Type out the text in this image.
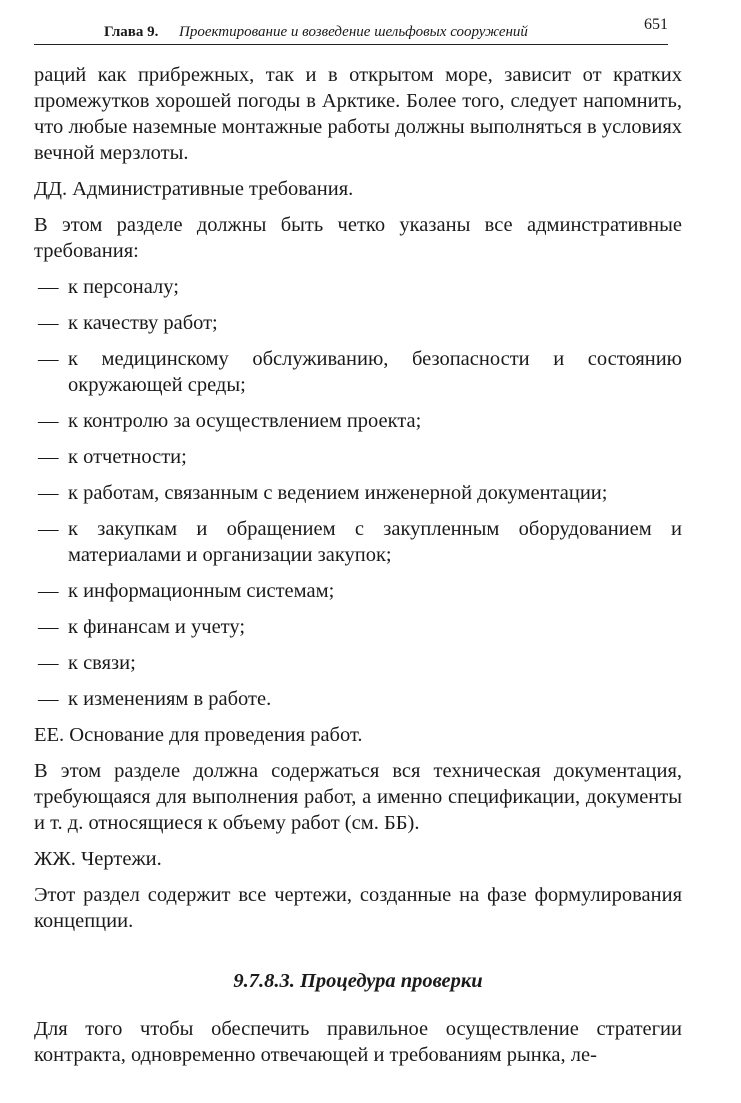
Глава 9. Проектирование и возведение шельфовых сооружений	651

раций как прибрежных, так и в открытом море, зависит от кратких промежутков хорошей погоды в Арктике. Более того, следует напомнить, что любые наземные монтажные работы должны выполняться в условиях вечной мерзлоты.

ДД. Административные требования.

В этом разделе должны быть четко указаны все админстративные требования:

— к персоналу;
— к качеству работ;
— к медицинскому обслуживанию, безопасности и состоянию окружающей среды;
— к контролю за осуществлением проекта;
— к отчетности;
— к работам, связанным с ведением инженерной документации;
— к закупкам и обращением с закупленным оборудованием и материалами и организации закупок;
— к информационным системам;
— к финансам и учету;
— к связи;
— к изменениям в работе.

ЕЕ. Основание для проведения работ.

В этом разделе должна содержаться вся техническая документация, требующаяся для выполнения работ, а именно спецификации, документы и т. д. относящиеся к объему работ (см. ББ).

ЖЖ. Чертежи.

Этот раздел содержит все чертежи, созданные на фазе формулирования концепции.

9.7.8.3. Процедура проверки

Для того чтобы обеспечить правильное осуществление стратегии контракта, одновременно отвечающей и требованиям рынка, ле-
